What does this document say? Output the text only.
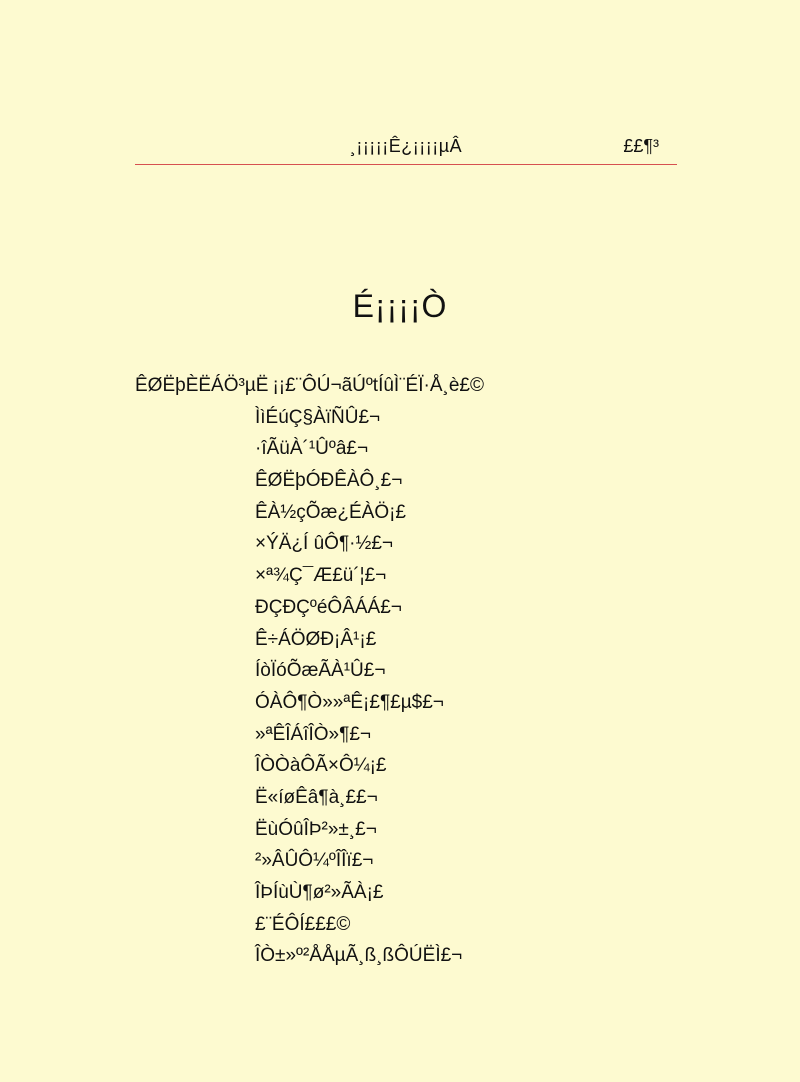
¸¡¡¡¡¡Ê¿¡¡¡¡µÂ	££¶³
É¡¡¡¡Ò
ÊØËþÈËÁÖ³µË ¡¡£¨ÔÚ¬ãÚºtÍûÌ¨ÉÏ·Å¸è£©
ÌìÉúÇ§ÀïÑÛ£¬
·îÃüÀ´¹Ûºâ£¬
ÊØËþÓÐÊÀÔ¸£¬
ÊÀ½çÕæ¿ÉÀÖ¡£
×ÝÄ¿Í ûÔ¶·½£¬
×ª¾Ç¯Æ£ü´¦£¬
ÐÇÐÇºéÔÂÁÁ£¬
Ê÷ÁÖØÐ¡Â¹¡£
ÍòÏóÕæÃÀ¹Û£¬
ÓÀÔ¶Ò»»ªÊ¡£¶£µ$£¬
»ªÊÎÁîÎÒ»¶£¬
ÎÒÒàÔÃ×Ô¼¡£
Ë«íøÊâ¶à¸££¬
ËùÓûÎÞ²»±¸£¬
²»ÂÛÔ¼ºÎÎï£¬
ÎÞÍùÙ¶ø²»ÃÀ¡£
£¨ÉÔÍ£££©
ÎÒ±»º²ÅÅµÃ¸ß¸ßÔÚËÌ£¬
